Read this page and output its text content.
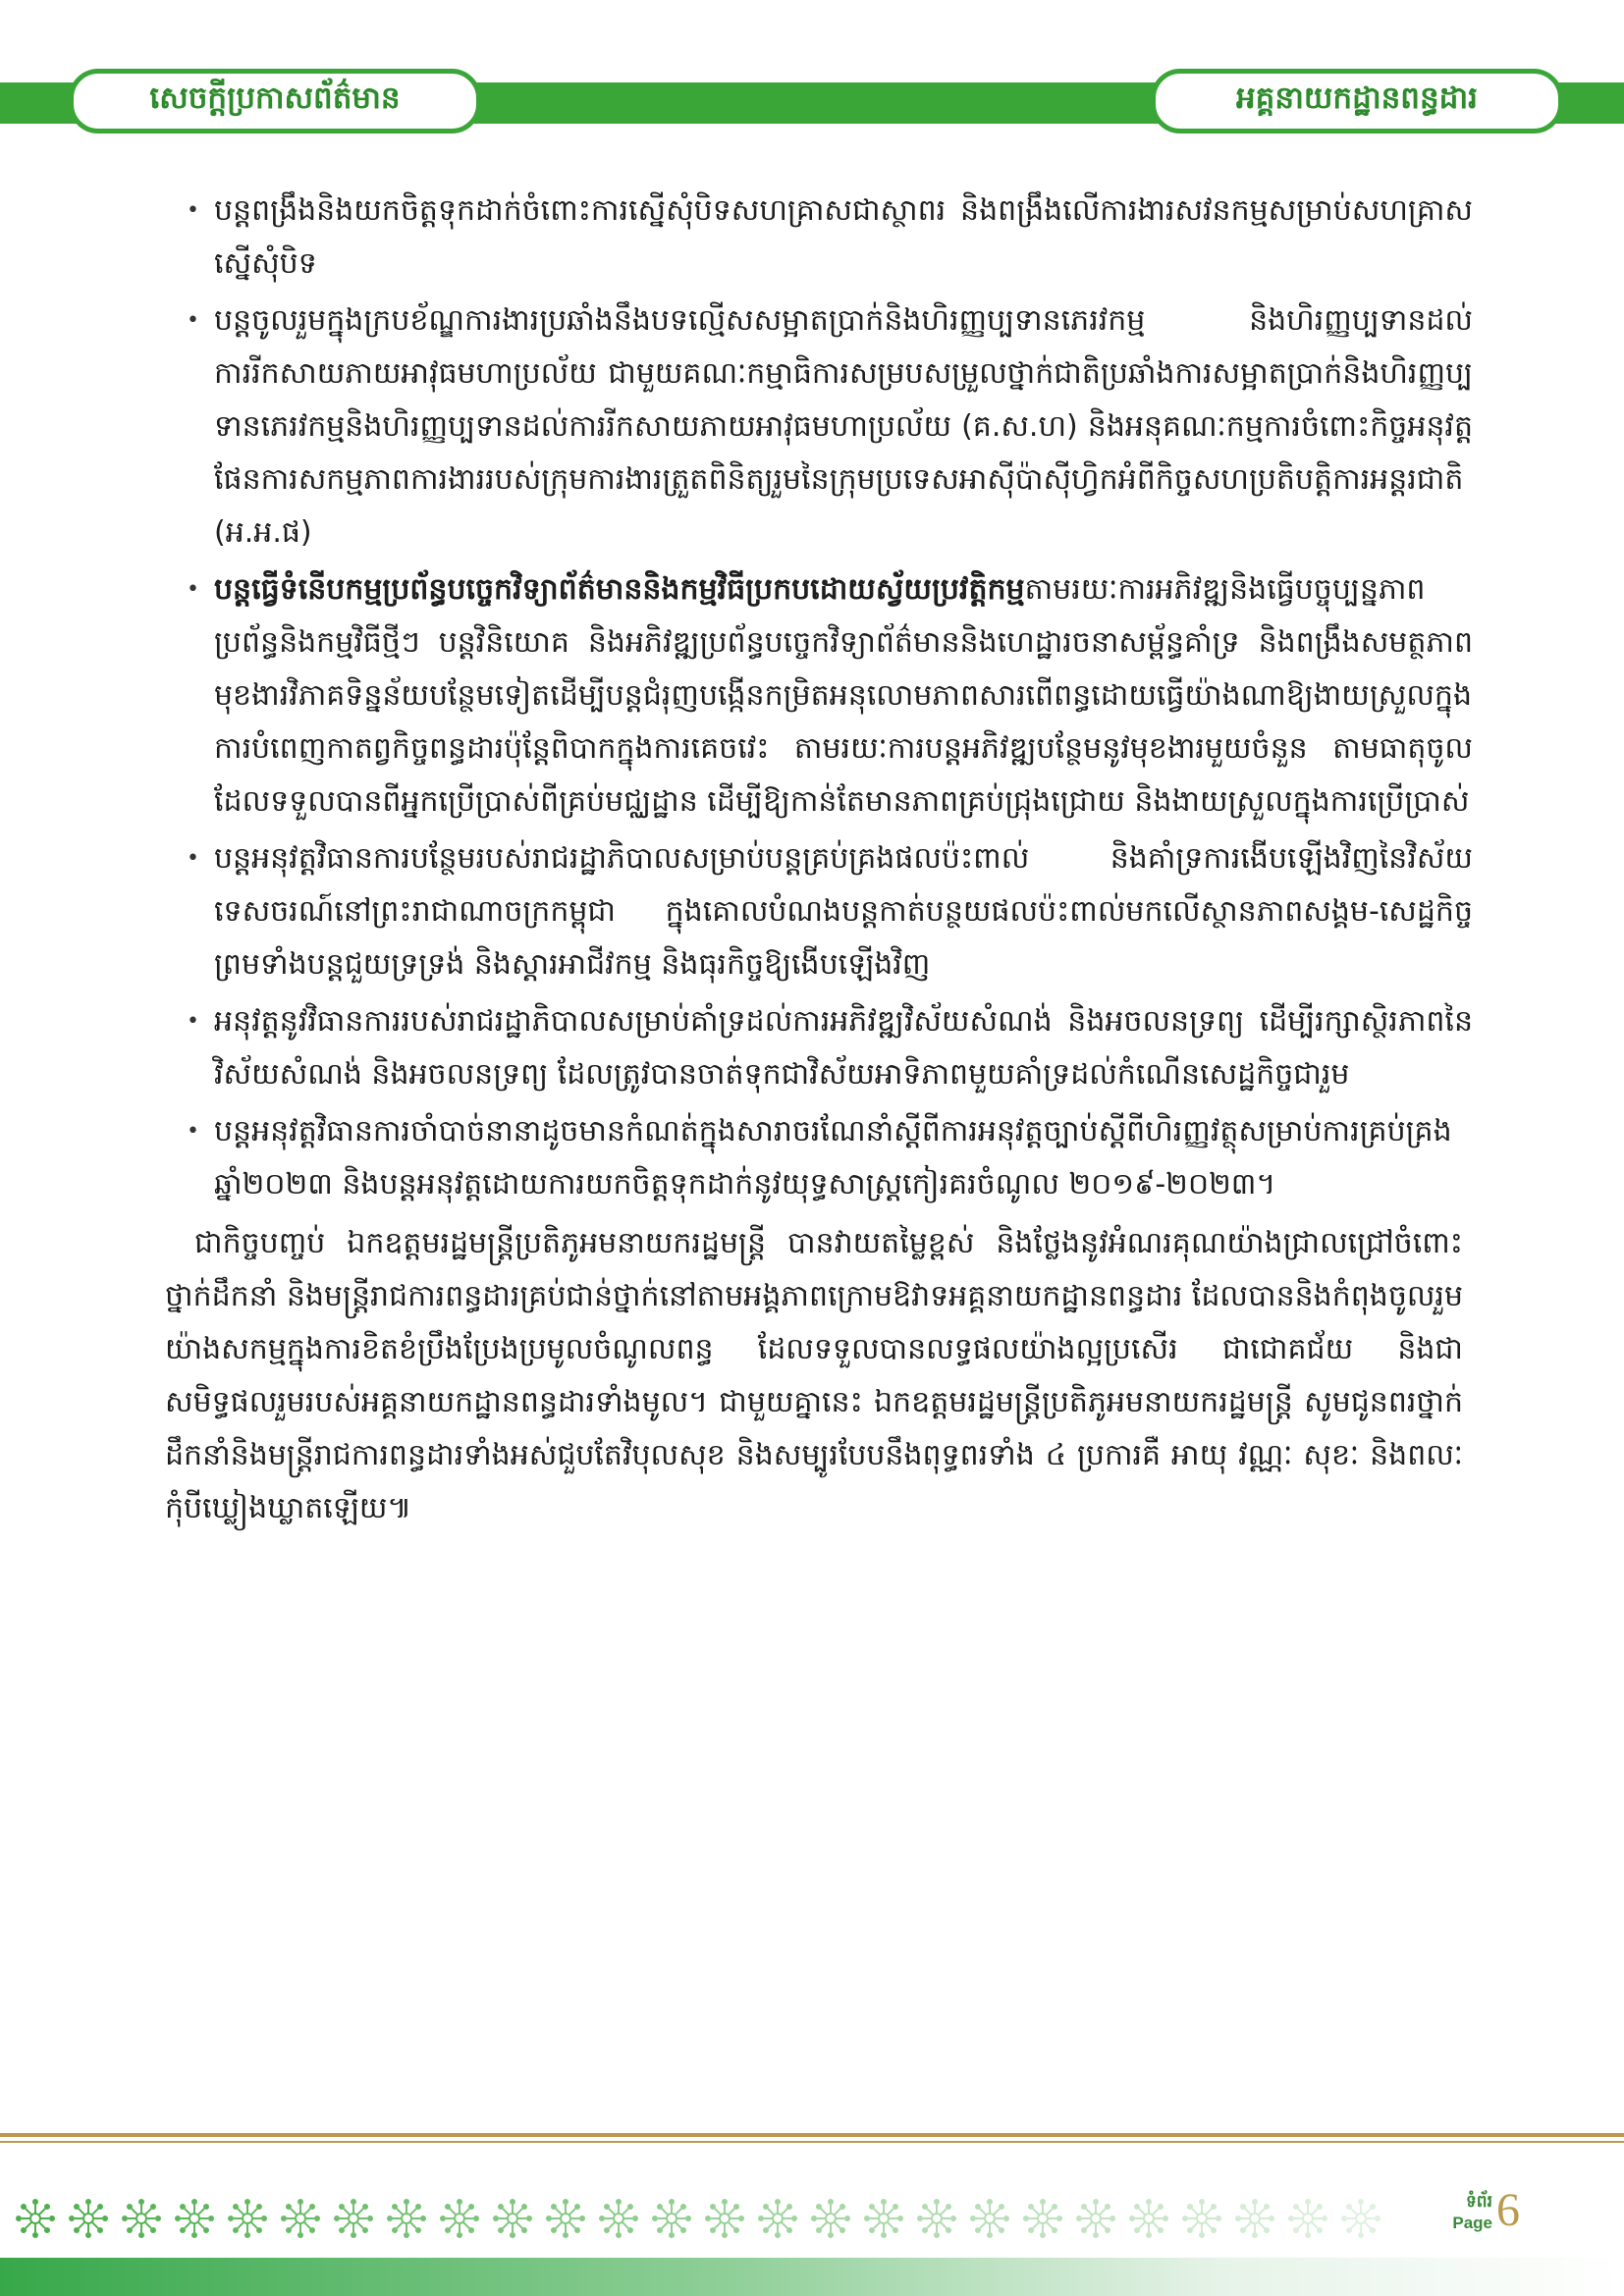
សេចក្តីប្រកាសព័ត៌មាន	អគ្គនាយកដ្ឋានពន្ធដារ
• បន្តពង្រឹងនិងយកចិត្តទុកដាក់ចំពោះការស្នើសុំបិទសហគ្រាសជាស្ថាពរ និងពង្រឹងលើការងារសវនកម្មសម្រាប់សហគ្រាសស្នើសុំបិទ
• បន្តចូលរួមក្នុងក្របខ័ណ្ឌការងារប្រឆាំងនឹងបទល្មើសសម្អាតប្រាក់និងហិរញ្ញប្បទានភេរវកម្ម និងហិរញ្ញប្បទានដល់ការរីកសាយភាយអាវុធមហាប្រល័យ ជាមួយគណៈកម្មាធិការសម្របសម្រួលថ្នាក់ជាតិប្រឆាំងការសម្អាតប្រាក់និងហិរញ្ញប្បទានភេរវកម្មនិងហិរញ្ញប្បទានដល់ការរីកសាយភាយអាវុធមហាប្រល័យ (គ.ស.ហ) និងអនុគណៈកម្មការចំពោះកិច្ចអនុវត្តផែនការសកម្មភាពការងាររបស់ក្រុមការងារត្រួតពិនិត្យរួមនៃក្រុមប្រទេសអាស៊ីប៉ាស៊ីហ្វិកអំពីកិច្ចសហប្រតិបត្តិការអន្តរជាតិ (អ.អ.ផ)
• បន្តធ្វើទំនើបកម្មប្រព័ន្ធបច្ចេកវិទ្យាព័ត៌មាននិងកម្មវិធីប្រកបដោយស្វ័យប្រវត្តិកម្មតាមរយៈការអភិវឌ្ឍនិងធ្វើបច្ចុប្បន្នភាពប្រព័ន្ធនិងកម្មវិធីថ្មីៗ បន្តវិនិយោគ និងអភិវឌ្ឍប្រព័ន្ធបច្ចេកវិទ្យាព័ត៌មាននិងហេដ្ឋារចនាសម្ព័ន្ធគាំទ្រ និងពង្រឹងសមត្ថភាពមុខងារវិភាគទិន្នន័យបន្ថែមទៀតដើម្បីបន្តជំរុញបង្កើនកម្រិតអនុលោមភាពសារពើពន្ធដោយធ្វើយ៉ាងណាឱ្យងាយស្រួលក្នុងការបំពេញកាតព្វកិច្ចពន្ធដារប៉ុន្តែពិបាកក្នុងការគេចវេះ តាមរយៈការបន្តអភិវឌ្ឍបន្ថែមនូវមុខងារមួយចំនួន តាមធាតុចូលដែលទទួលបានពីអ្នកប្រើប្រាស់ពីគ្រប់មជ្ឈដ្ឋាន ដើម្បីឱ្យកាន់តែមានភាពគ្រប់ជ្រុងជ្រោយ និងងាយស្រួលក្នុងការប្រើប្រាស់
• បន្តអនុវត្តវិធានការបន្ថែមរបស់រាជរដ្ឋាភិបាលសម្រាប់បន្តគ្រប់គ្រងផលប៉ះពាល់ និងគាំទ្រការងើបឡើងវិញនៃវិស័យទេសចរណ៍នៅព្រះរាជាណាចក្រកម្ពុជា ក្នុងគោលបំណងបន្តកាត់បន្ថយផលប៉ះពាល់មកលើស្ថានភាពសង្គម-សេដ្ឋកិច្ច ព្រមទាំងបន្តជួយទ្រទ្រង់ និងស្តារអាជីវកម្ម និងធុរកិច្ចឱ្យងើបឡើងវិញ
• អនុវត្តនូវវិធានការរបស់រាជរដ្ឋាភិបាលសម្រាប់គាំទ្រដល់ការអភិវឌ្ឍវិស័យសំណង់ និងអចលនទ្រព្យ ដើម្បីរក្សាស្ថិរភាពនៃវិស័យសំណង់ និងអចលនទ្រព្យ ដែលត្រូវបានចាត់ទុកជាវិស័យអាទិភាពមួយគាំទ្រដល់កំណើនសេដ្ឋកិច្ចជារួម
• បន្តអនុវត្តវិធានការចាំបាច់នានាដូចមានកំណត់ក្នុងសារាចរណែនាំស្តីពីការអនុវត្តច្បាប់ស្តីពីហិរញ្ញវត្ថុសម្រាប់ការគ្រប់គ្រងឆ្នាំ២០២៣ និងបន្តអនុវត្តដោយការយកចិត្តទុកដាក់នូវយុទ្ធសាស្ត្រកៀរគរចំណូល ២០១៩-២០២៣។

ជាកិច្ចបញ្ចប់ ឯកឧត្តមរដ្ឋមន្ត្រីប្រតិភូអមនាយករដ្ឋមន្ត្រី បានវាយតម្លៃខ្ពស់ និងថ្លែងនូវអំណរគុណយ៉ាងជ្រាលជ្រៅចំពោះថ្នាក់ដឹកនាំ និងមន្ត្រីរាជការពន្ធដារគ្រប់ជាន់ថ្នាក់នៅតាមអង្គភាពក្រោមឱវាទអគ្គនាយកដ្ឋានពន្ធដារ ដែលបាននិងកំពុងចូលរួមយ៉ាងសកម្មក្នុងការខិតខំប្រឹងប្រែងប្រមូលចំណូលពន្ធ ដែលទទួលបានលទ្ធផលយ៉ាងល្អប្រសើរ ជាជោគជ័យ និងជាសមិទ្ធផលរួមរបស់អគ្គនាយកដ្ឋានពន្ធដារទាំងមូល។ ជាមួយគ្នានេះ ឯកឧត្តមរដ្ឋមន្ត្រីប្រតិភូអមនាយករដ្ឋមន្ត្រី សូមជូនពរថ្នាក់ដឹកនាំនិងមន្ត្រីរាជការពន្ធដារទាំងអស់ជួបតែវិបុលសុខ និងសម្បូរបែបនឹងពុទ្ធពរទាំង ៤ ប្រការគឺ អាយុ វណ្ណៈ សុខៈ និងពលៈ កុំបីឃ្លៀងឃ្លាតឡើយ៕

ទំព័រ
Page 6
